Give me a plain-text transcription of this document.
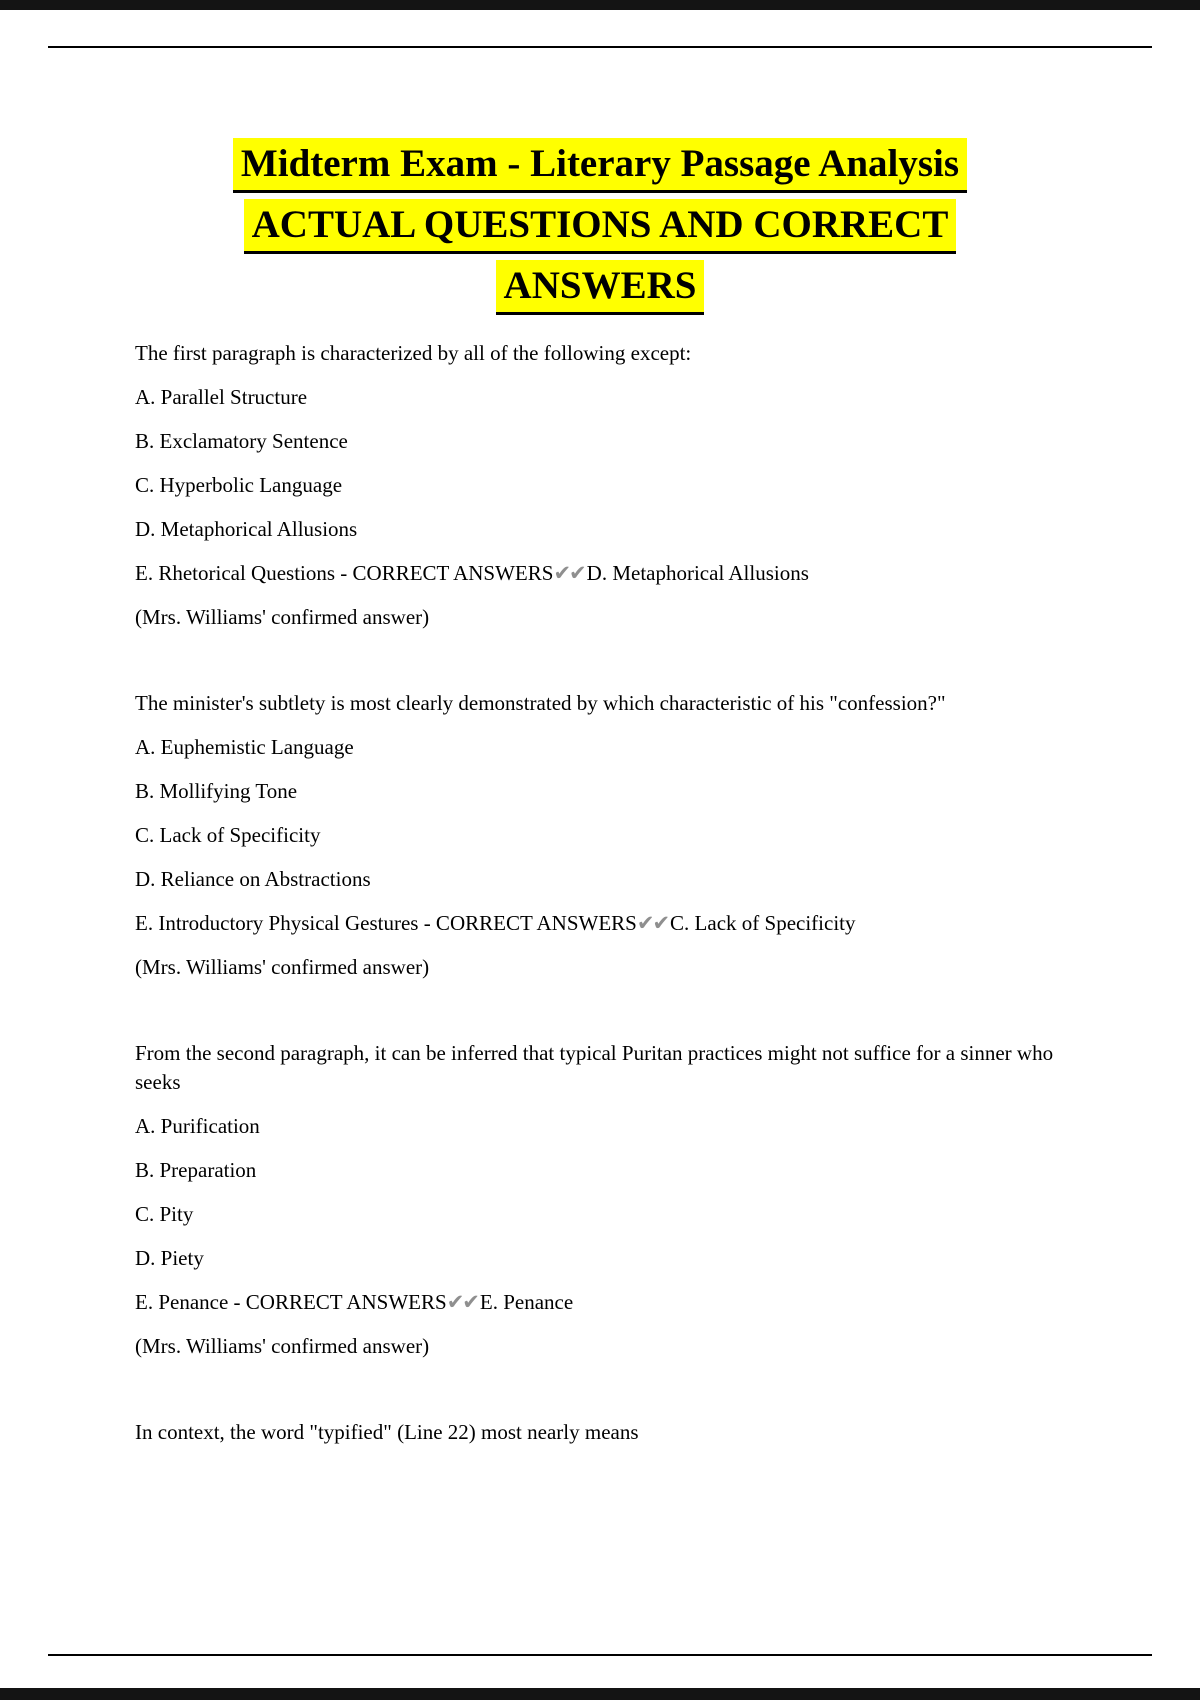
Midterm Exam - Literary Passage Analysis
ACTUAL QUESTIONS AND CORRECT
ANSWERS

The first paragraph is characterized by all of the following except:

A. Parallel Structure

B. Exclamatory Sentence

C. Hyperbolic Language

D. Metaphorical Allusions

E. Rhetorical Questions - CORRECT ANSWERS✔✔D. Metaphorical Allusions

(Mrs. Williams' confirmed answer)

The minister's subtlety is most clearly demonstrated by which characteristic of his "confession?"

A. Euphemistic Language

B. Mollifying Tone

C. Lack of Specificity

D. Reliance on Abstractions

E. Introductory Physical Gestures - CORRECT ANSWERS✔✔C. Lack of Specificity

(Mrs. Williams' confirmed answer)

From the second paragraph, it can be inferred that typical Puritan practices might not suffice for a sinner who seeks

A. Purification

B. Preparation

C. Pity

D. Piety

E. Penance - CORRECT ANSWERS✔✔E. Penance

(Mrs. Williams' confirmed answer)

In context, the word "typified" (Line 22) most nearly means
